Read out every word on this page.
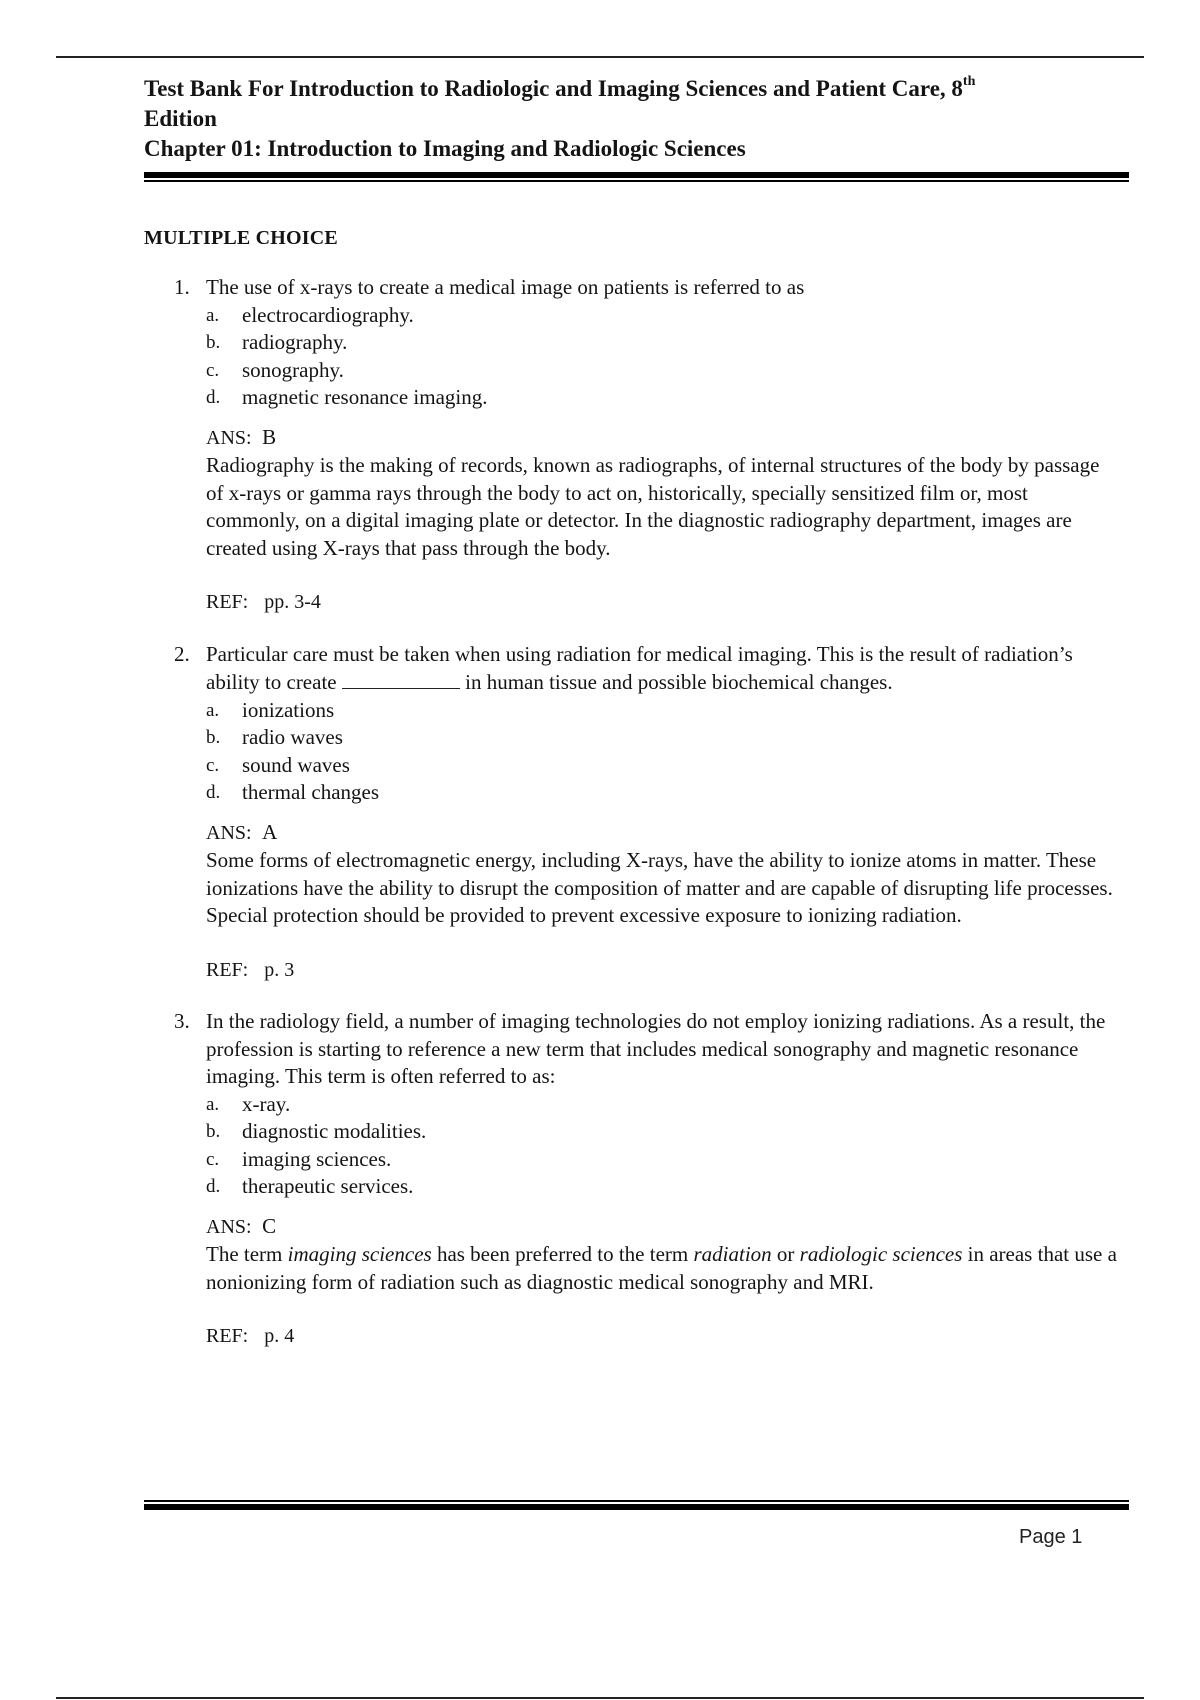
Test Bank For Introduction to Radiologic and Imaging Sciences and Patient Care, 8th
Edition
Chapter 01: Introduction to Imaging and Radiologic Sciences
MULTIPLE CHOICE
1. The use of x-rays to create a medical image on patients is referred to as
a.	electrocardiography.
b.	radiography.
c.	sonography.
d.	magnetic resonance imaging.
ANS: B
Radiography is the making of records, known as radiographs, of internal structures of the body by passage of x-rays or gamma rays through the body to act on, historically, specially sensitized film or, most commonly, on a digital imaging plate or detector. In the diagnostic radiography department, images are created using X-rays that pass through the body.
REF: pp. 3-4
2. Particular care must be taken when using radiation for medical imaging. This is the result of radiation’s ability to create	in human tissue and possible biochemical changes.
a.	ionizations
b.	radio waves
c.	sound waves
d.	thermal changes
ANS: A
Some forms of electromagnetic energy, including X-rays, have the ability to ionize atoms in matter. These ionizations have the ability to disrupt the composition of matter and are capable of disrupting life processes. Special protection should be provided to prevent excessive exposure to ionizing radiation.
REF: p. 3
3. In the radiology field, a number of imaging technologies do not employ ionizing radiations. As a result, the profession is starting to reference a new term that includes medical sonography and magnetic resonance imaging. This term is often referred to as:
a.	x-ray.
b.	diagnostic modalities.
c.	imaging sciences.
d.	therapeutic services.
ANS: C
The term imaging sciences has been preferred to the term radiation or radiologic sciences in areas that use a nonionizing form of radiation such as diagnostic medical sonography and MRI.
REF: p. 4
Page 1
